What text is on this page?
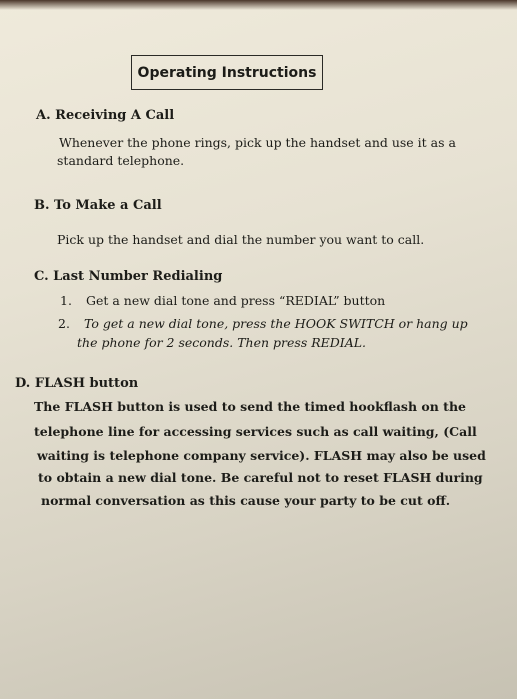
Operating Instructions
A. Receiving A Call
Whenever the phone rings, pick up the handset and use it as a
standard telephone.
B. To Make a Call
Pick up the handset and dial the number you want to call.
C. Last Number Redialing
1. Get a new dial tone and press “REDIAL” button
2. To get a new dial tone, press the HOOK SWITCH or hang up
the phone for 2 seconds. Then press REDIAL.
D. FLASH button
The FLASH button is used to send the timed hookflash on the
telephone line for accessing services such as call waiting, (Call
waiting is telephone company service). FLASH may also be used
to obtain a new dial tone. Be careful not to reset FLASH during
normal conversation as this cause your party to be cut off.
